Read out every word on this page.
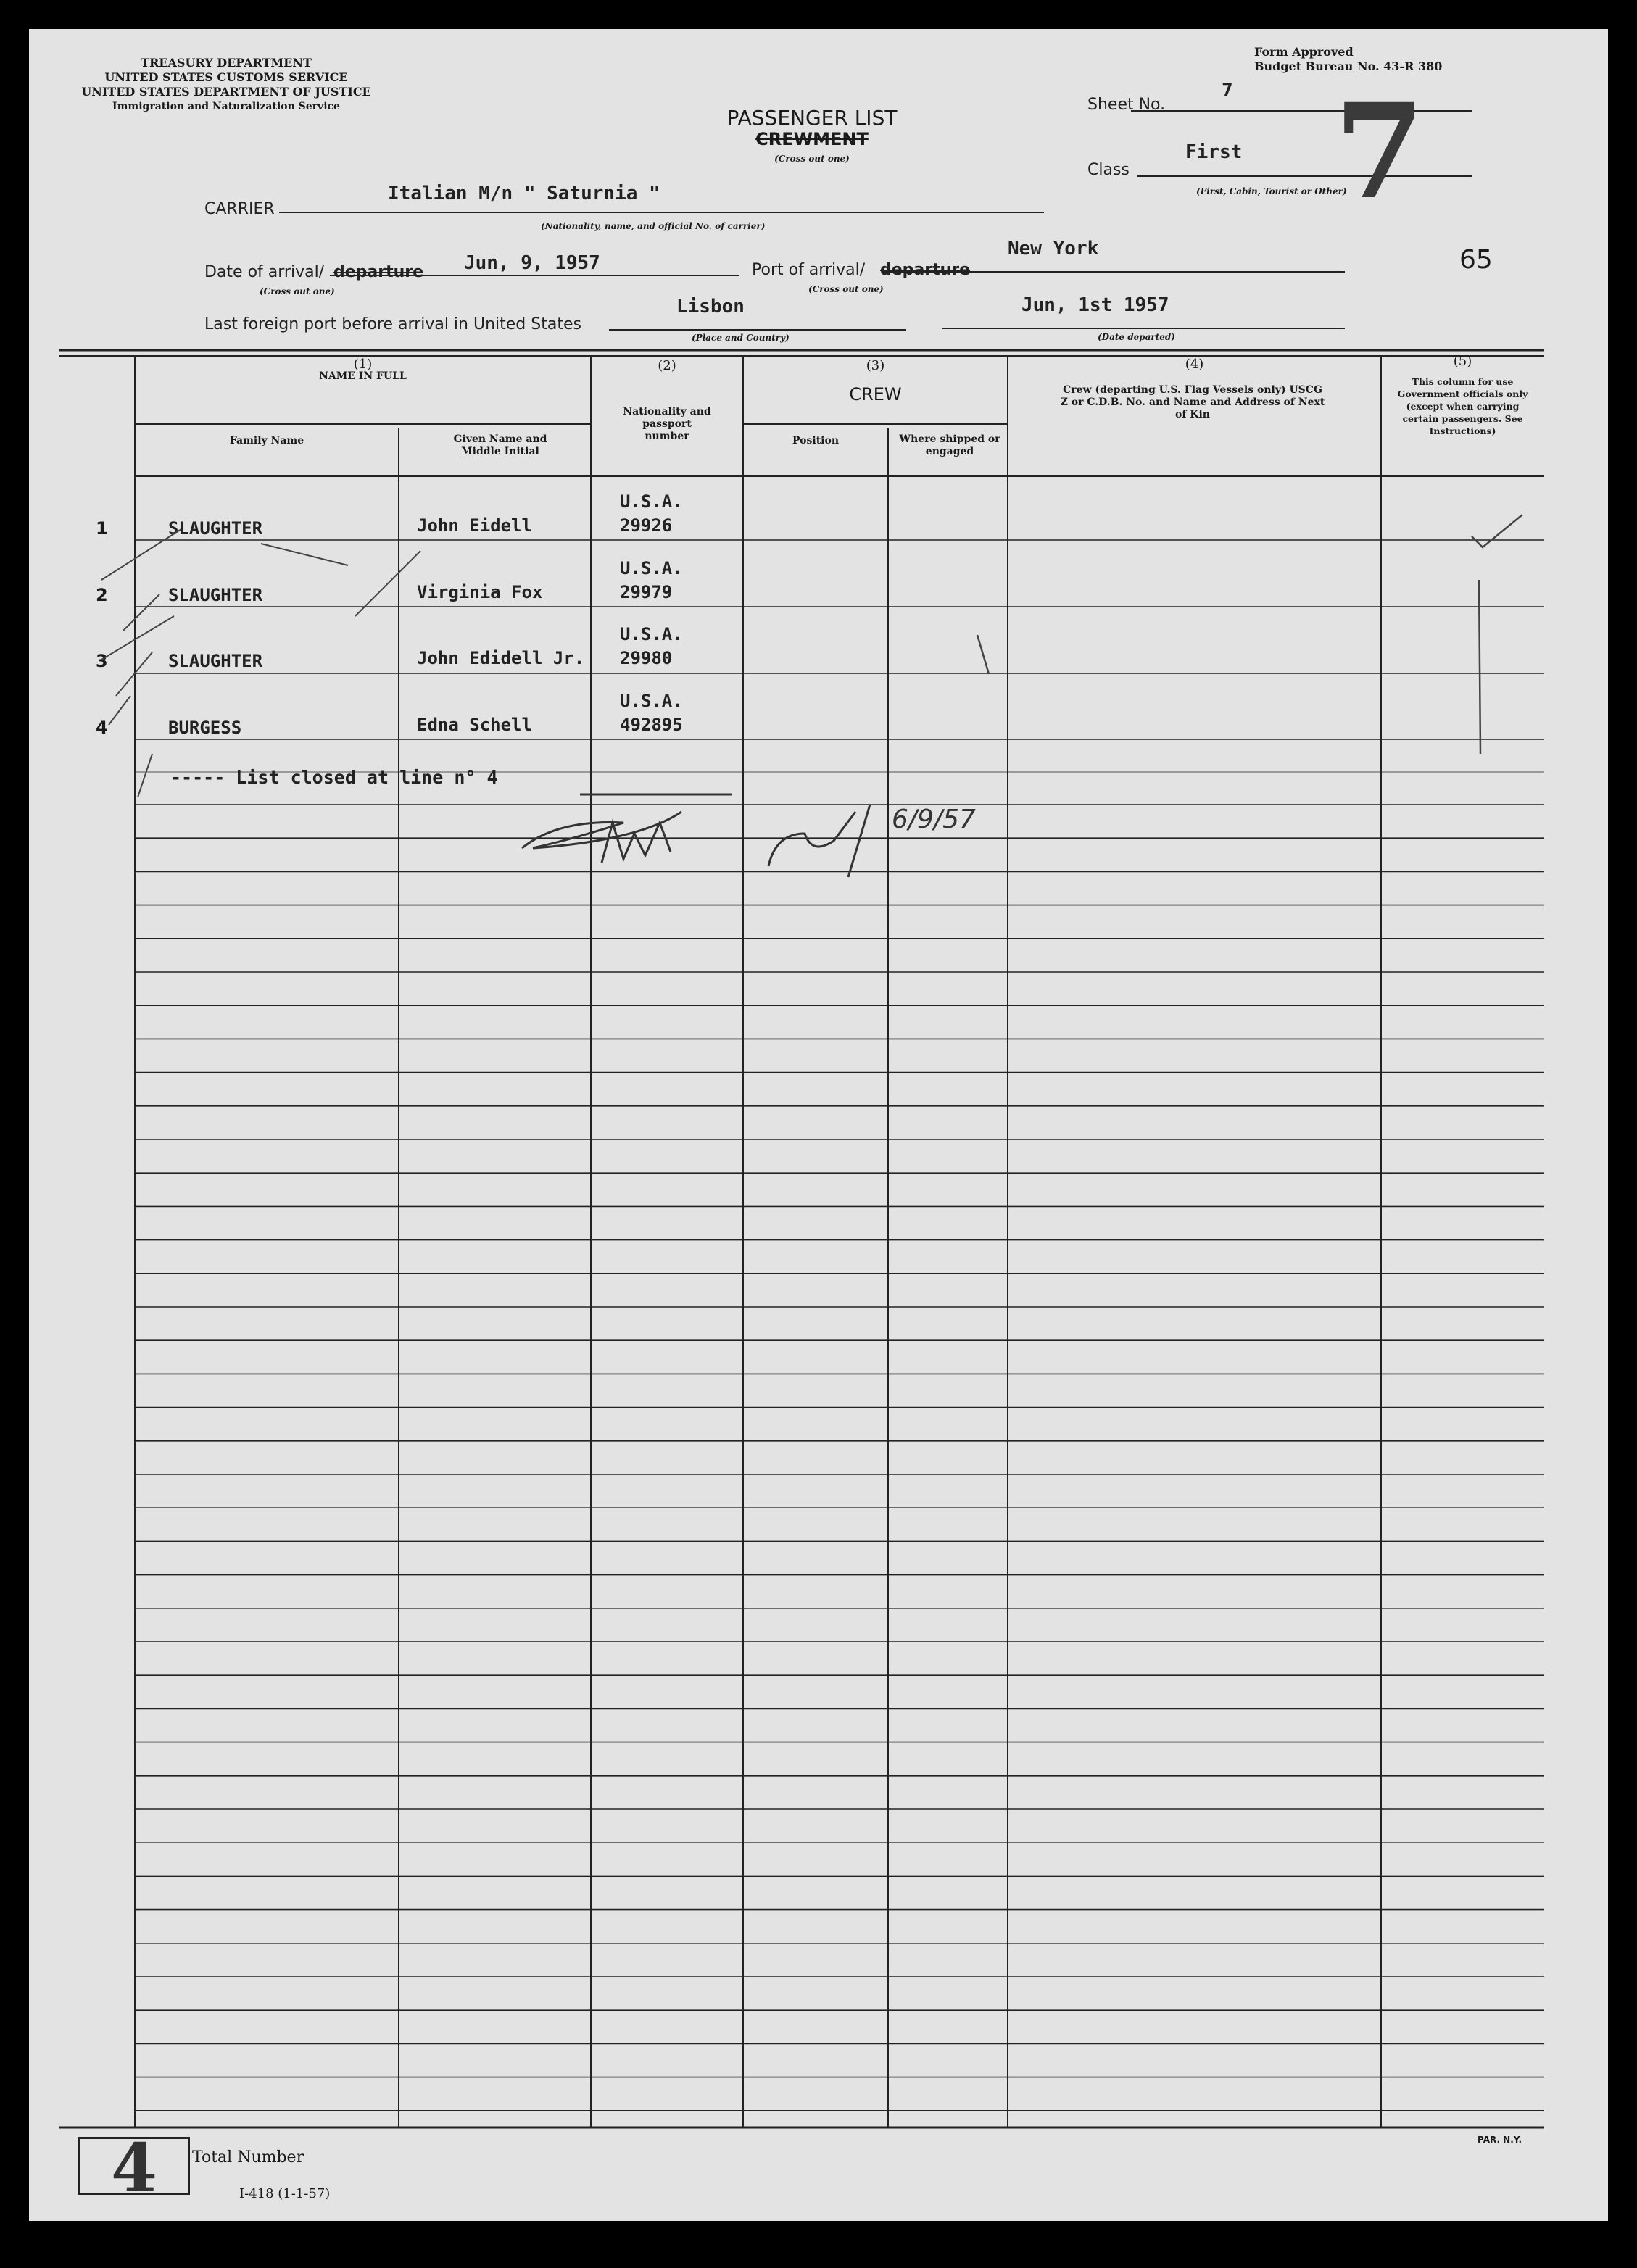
TREASURY DEPARTMENT
UNITED STATES CUSTOMS SERVICE
UNITED STATES DEPARTMENT OF JUSTICE
Immigration and Naturalization Service	PASSENGER LIST
CREWMENT
(Cross out one)
Form Approved
Budget Bureau No. 43-R 380
Sheet No.
7 7
Class
First
(First, Cabin, Tourist or Other)
CARRIER
Italian M/n " Saturnia "
(Nationality, name, and official No. of carrier)
Date of arrival/ departure Jun, 9, 1957
(Cross out one)
Port of arrival/ departure
New York
(Cross out one)
65
Last foreign port before arrival in United States
Lisbon
(Place and Country)
Jun, 1st 1957
(Date departed)
(1)
NAME IN FULL
Family Name	Given Name and Middle Initial
(2)
Nationality and passport number
(3)
CREW
Position	Where shipped or engaged
(4)
Crew (departing U.S. Flag Vessels only) USCG Z or C.D.B. No. and Name and Address of Next of Kin
(5)
This column for use Government officials only (except when carrying certain passengers. See Instructions)
1	SLAUGHTER	John Eidell
U.S.A.
29926
2	SLAUGHTER	Virginia Fox
U.S.A.
29979
3	SLAUGHTER	John Edidell Jr.
U.S.A.
29980
4	BURGESS	Edna Schell
U.S.A.
492895
----- List closed at line n° 4
6/9/57
4	Total Number
I-418 (1-1-57)
PAR. N.Y.
